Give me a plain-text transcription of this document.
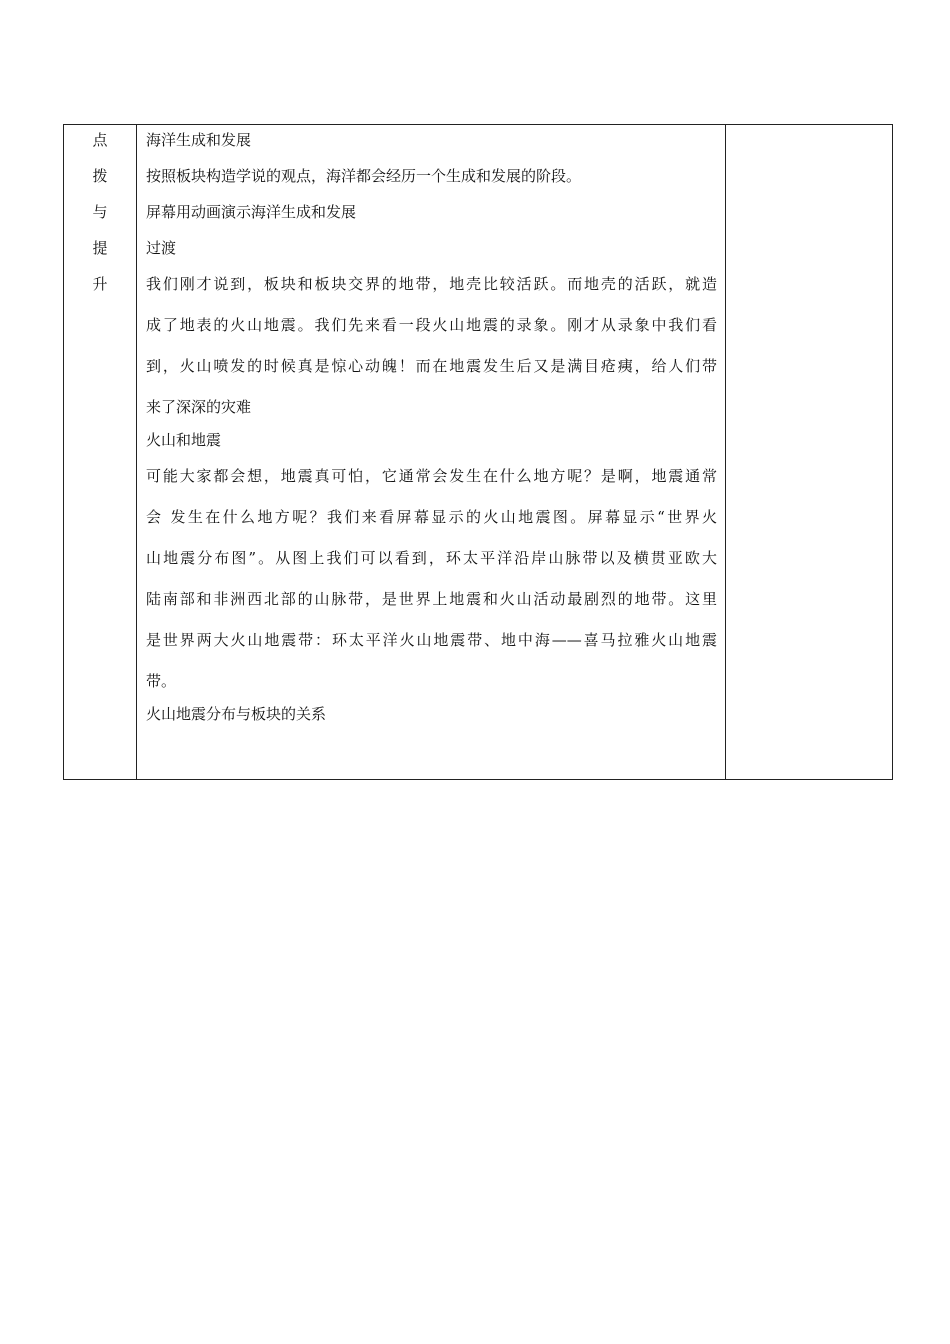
点
拨
与
提
升

海洋生成和发展
按照板块构造学说的观点，海洋都会经历一个生成和发展的阶段。
屏幕用动画演示海洋生成和发展
过渡
我们刚才说到，板块和板块交界的地带，地壳比较活跃。而地壳的活跃，就造
成了地表的火山地震。我们先来看一段火山地震的录象。刚才从录象中我们看
到，火山喷发的时候真是惊心动魄！而在地震发生后又是满目疮痍，给人们带
来了深深的灾难
火山和地震
可能大家都会想，地震真可怕，它通常会发生在什么地方呢？是啊，地震通常
会 发生在什么地方呢？我们来看屏幕显示的火山地震图。屏幕显示“世界火
山地震分布图”。从图上我们可以看到，环太平洋沿岸山脉带以及横贯亚欧大
陆南部和非洲西北部的山脉带，是世界上地震和火山活动最剧烈的地带。这里
是世界两大火山地震带：环太平洋火山地震带、地中海——喜马拉雅火山地震
带。
火山地震分布与板块的关系
